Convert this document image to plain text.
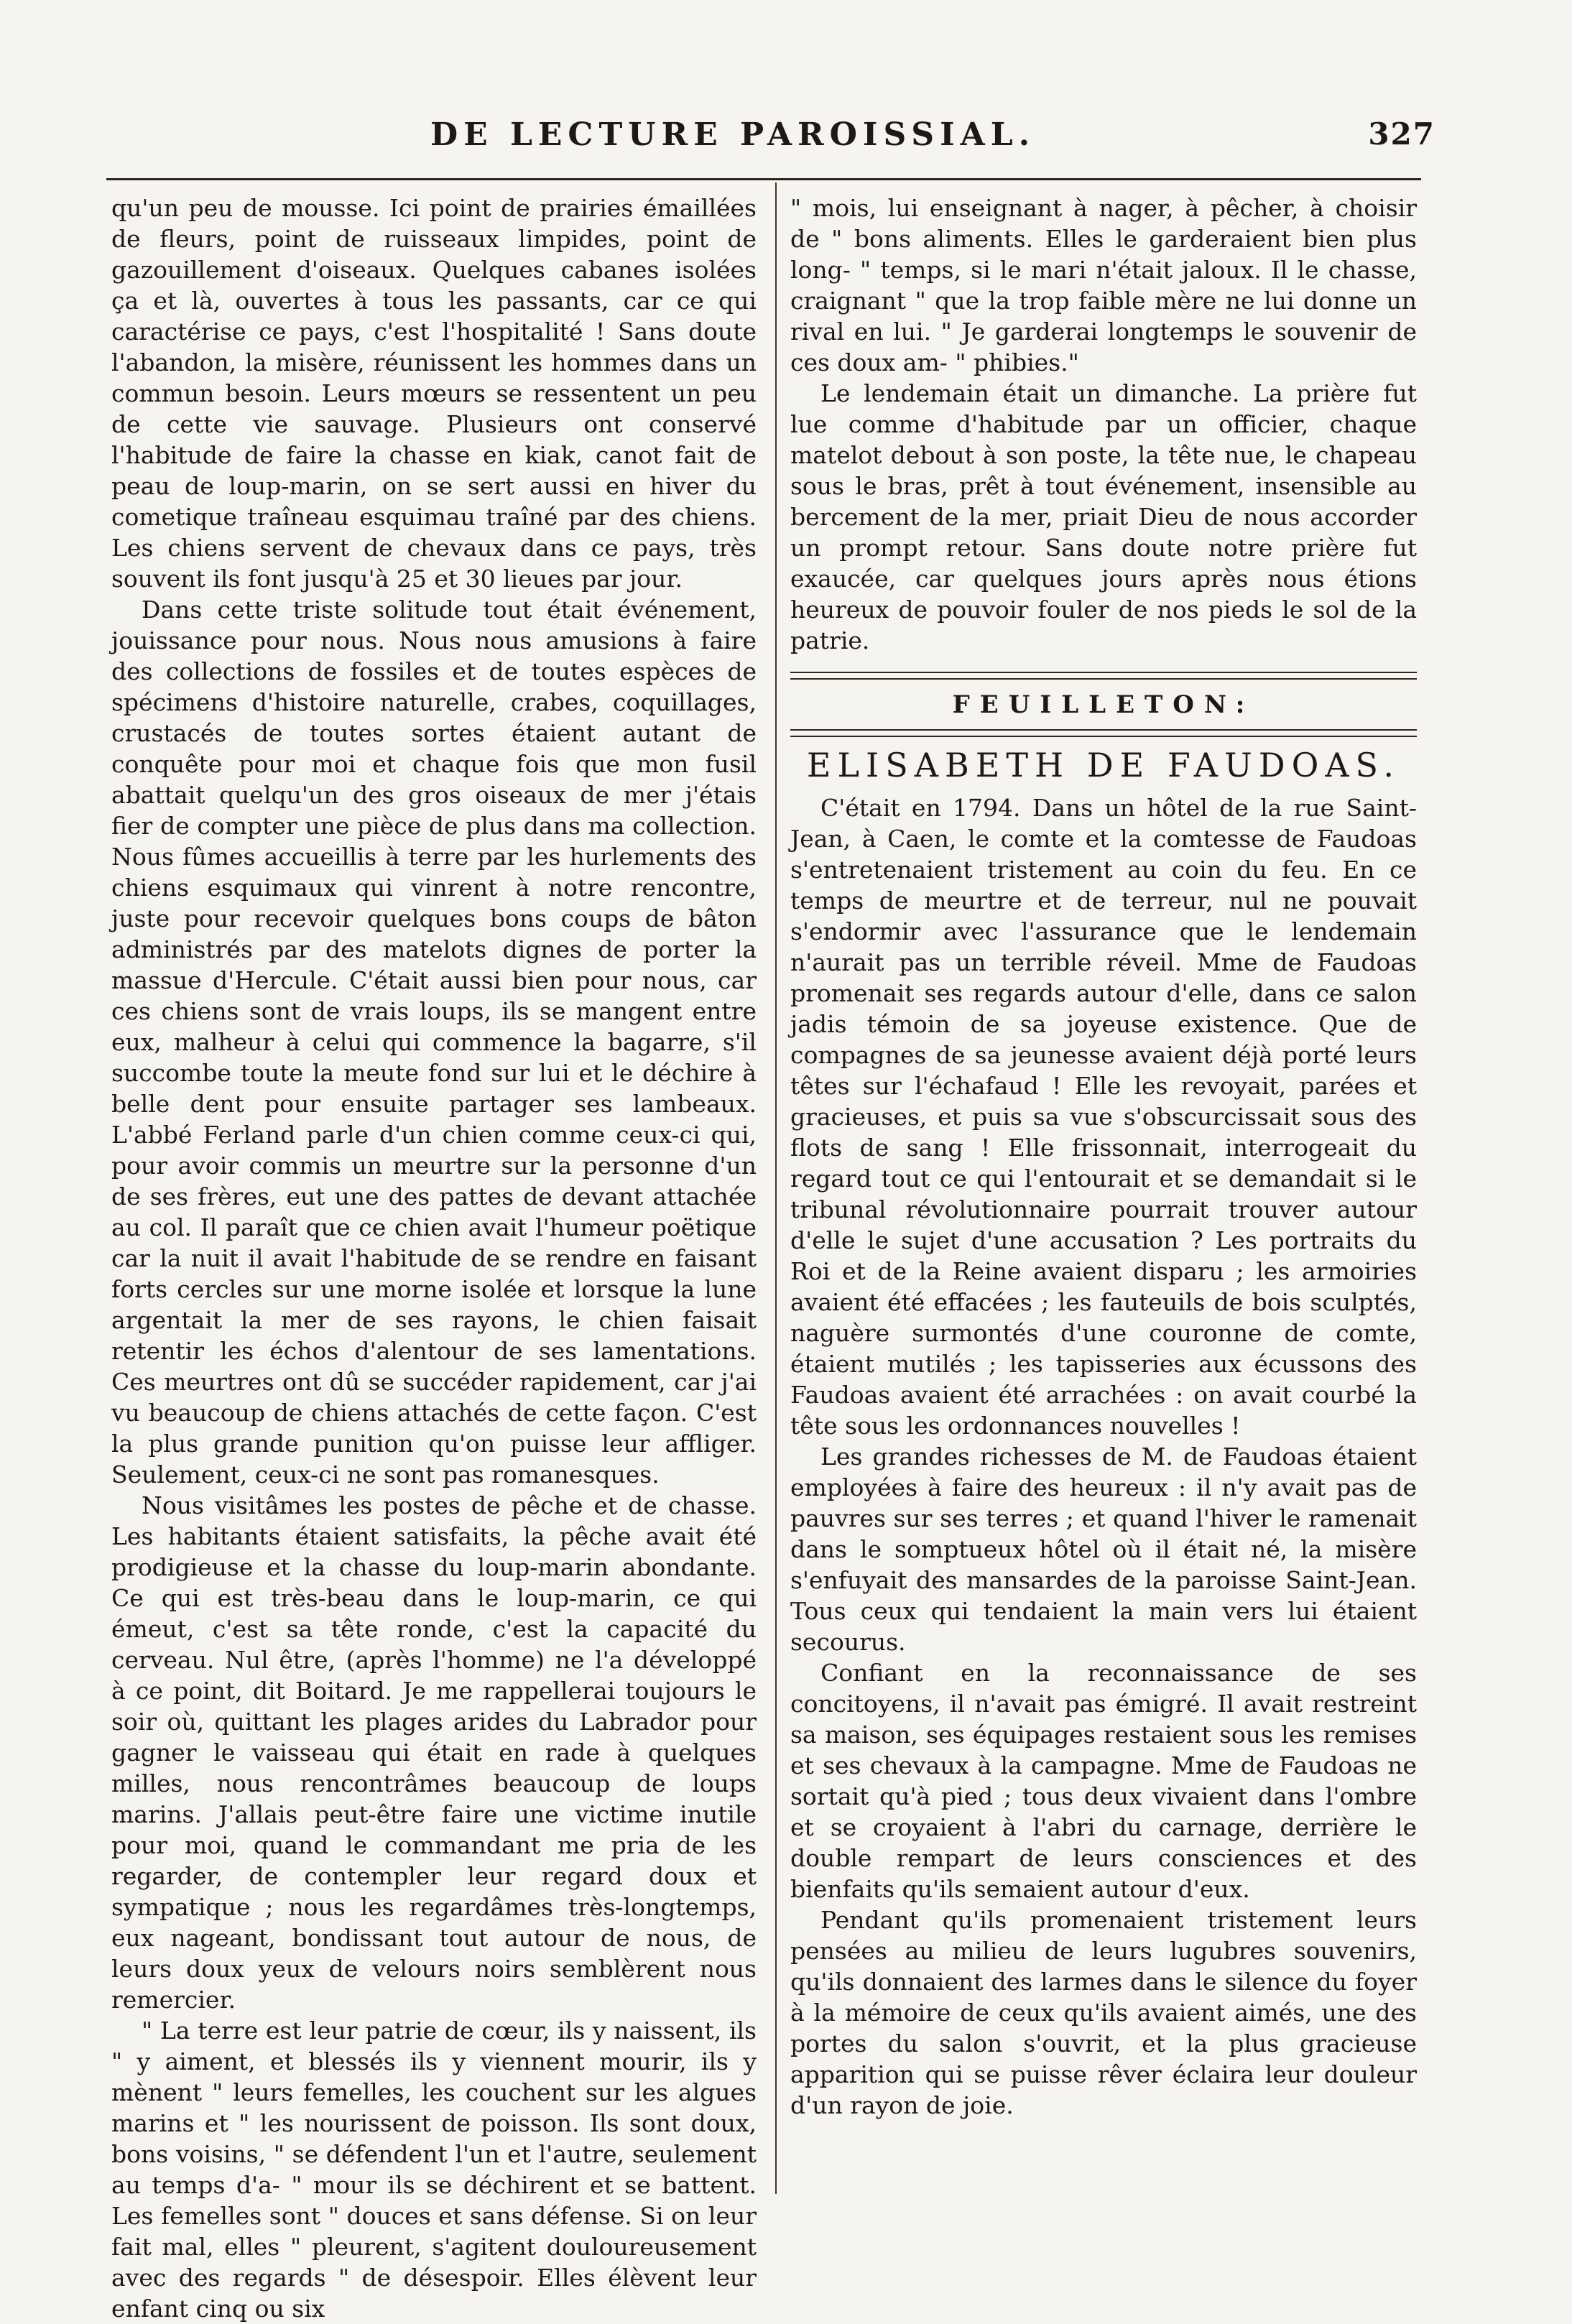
DE LECTURE PAROISSIAL.	327

qu'un peu de mousse. Ici point de prairies émaillées de fleurs, point de ruisseaux limpides, point de gazouillement d'oiseaux. Quelques cabanes isolées ça et là, ouvertes à tous les passants, car ce qui caractérise ce pays, c'est l'hospitalité ! Sans doute l'abandon, la misère, réunissent les hommes dans un commun besoin. Leurs mœurs se ressentent un peu de cette vie sauvage. Plusieurs ont conservé l'habitude de faire la chasse en kiak, canot fait de peau de loup-marin, on se sert aussi en hiver du cometique traîneau esquimau traîné par des chiens. Les chiens servent de chevaux dans ce pays, très souvent ils font jusqu'à 25 et 30 lieues par jour.

Dans cette triste solitude tout était événement, jouissance pour nous. Nous nous amusions à faire des collections de fossiles et de toutes espèces de spécimens d'histoire naturelle, crabes, coquillages, crustacés de toutes sortes étaient autant de conquête pour moi et chaque fois que mon fusil abattait quelqu'un des gros oiseaux de mer j'étais fier de compter une pièce de plus dans ma collection. Nous fûmes accueillis à terre par les hurlements des chiens esquimaux qui vinrent à notre rencontre, juste pour recevoir quelques bons coups de bâton administrés par des matelots dignes de porter la massue d'Hercule. C'était aussi bien pour nous, car ces chiens sont de vrais loups, ils se mangent entre eux, malheur à celui qui commence la bagarre, s'il succombe toute la meute fond sur lui et le déchire à belle dent pour ensuite partager ses lambeaux. L'abbé Ferland parle d'un chien comme ceux-ci qui, pour avoir commis un meurtre sur la personne d'un de ses frères, eut une des pattes de devant attachée au col. Il paraît que ce chien avait l'humeur poëtique car la nuit il avait l'habitude de se rendre en faisant forts cercles sur une morne isolée et lorsque la lune argentait la mer de ses rayons, le chien faisait retentir les échos d'alentour de ses lamentations. Ces meurtres ont dû se succéder rapidement, car j'ai vu beaucoup de chiens attachés de cette façon. C'est la plus grande punition qu'on puisse leur affliger. Seulement, ceux-ci ne sont pas romanesques.

Nous visitâmes les postes de pêche et de chasse. Les habitants étaient satisfaits, la pêche avait été prodigieuse et la chasse du loup-marin abondante. Ce qui est très-beau dans le loup-marin, ce qui émeut, c'est sa tête ronde, c'est la capacité du cerveau. Nul être, (après l'homme) ne l'a développé à ce point, dit Boitard. Je me rappellerai toujours le soir où, quittant les plages arides du Labrador pour gagner le vaisseau qui était en rade à quelques milles, nous rencontrâmes beaucoup de loups marins. J'allais peut-être faire une victime inutile pour moi, quand le commandant me pria de les regarder, de contempler leur regard doux et sympatique ; nous les regardâmes très-longtemps, eux nageant, bondissant tout autour de nous, de leurs doux yeux de velours noirs semblèrent nous remercier.

" La terre est leur patrie de cœur, ils y naissent, ils " y aiment, et blessés ils y viennent mourir, ils y mènent " leurs femelles, les couchent sur les algues marins et " les nourissent de poisson. Ils sont doux, bons voisins, " se défendent l'un et l'autre, seulement au temps d'a- " mour ils se déchirent et se battent. Les femelles sont " douces et sans défense. Si on leur fait mal, elles " pleurent, s'agitent douloureusement avec des regards " de désespoir. Elles élèvent leur enfant cinq ou six

" mois, lui enseignant à nager, à pêcher, à choisir de " bons aliments. Elles le garderaient bien plus long- " temps, si le mari n'était jaloux. Il le chasse, craignant " que la trop faible mère ne lui donne un rival en lui. " Je garderai longtemps le souvenir de ces doux am- " phibies."

Le lendemain était un dimanche. La prière fut lue comme d'habitude par un officier, chaque matelot debout à son poste, la tête nue, le chapeau sous le bras, prêt à tout événement, insensible au bercement de la mer, priait Dieu de nous accorder un prompt retour. Sans doute notre prière fut exaucée, car quelques jours après nous étions heureux de pouvoir fouler de nos pieds le sol de la patrie.

FEUILLETON:
ELISABETH DE FAUDOAS.

C'était en 1794. Dans un hôtel de la rue Saint-Jean, à Caen, le comte et la comtesse de Faudoas s'entretenaient tristement au coin du feu. En ce temps de meurtre et de terreur, nul ne pouvait s'endormir avec l'assurance que le lendemain n'aurait pas un terrible réveil. Mme de Faudoas promenait ses regards autour d'elle, dans ce salon jadis témoin de sa joyeuse existence. Que de compagnes de sa jeunesse avaient déjà porté leurs têtes sur l'échafaud ! Elle les revoyait, parées et gracieuses, et puis sa vue s'obscurcissait sous des flots de sang ! Elle frissonnait, interrogeait du regard tout ce qui l'entourait et se demandait si le tribunal révolutionnaire pourrait trouver autour d'elle le sujet d'une accusation ? Les portraits du Roi et de la Reine avaient disparu ; les armoiries avaient été effacées ; les fauteuils de bois sculptés, naguère surmontés d'une couronne de comte, étaient mutilés ; les tapisseries aux écussons des Faudoas avaient été arrachées : on avait courbé la tête sous les ordonnances nouvelles !

Les grandes richesses de M. de Faudoas étaient employées à faire des heureux : il n'y avait pas de pauvres sur ses terres ; et quand l'hiver le ramenait dans le somptueux hôtel où il était né, la misère s'enfuyait des mansardes de la paroisse Saint-Jean. Tous ceux qui tendaient la main vers lui étaient secourus.

Confiant en la reconnaissance de ses concitoyens, il n'avait pas émigré. Il avait restreint sa maison, ses équipages restaient sous les remises et ses chevaux à la campagne. Mme de Faudoas ne sortait qu'à pied ; tous deux vivaient dans l'ombre et se croyaient à l'abri du carnage, derrière le double rempart de leurs consciences et des bienfaits qu'ils semaient autour d'eux.

Pendant qu'ils promenaient tristement leurs pensées au milieu de leurs lugubres souvenirs, qu'ils donnaient des larmes dans le silence du foyer à la mémoire de ceux qu'ils avaient aimés, une des portes du salon s'ouvrit, et la plus gracieuse apparition qui se puisse rêver éclaira leur douleur d'un rayon de joie.
